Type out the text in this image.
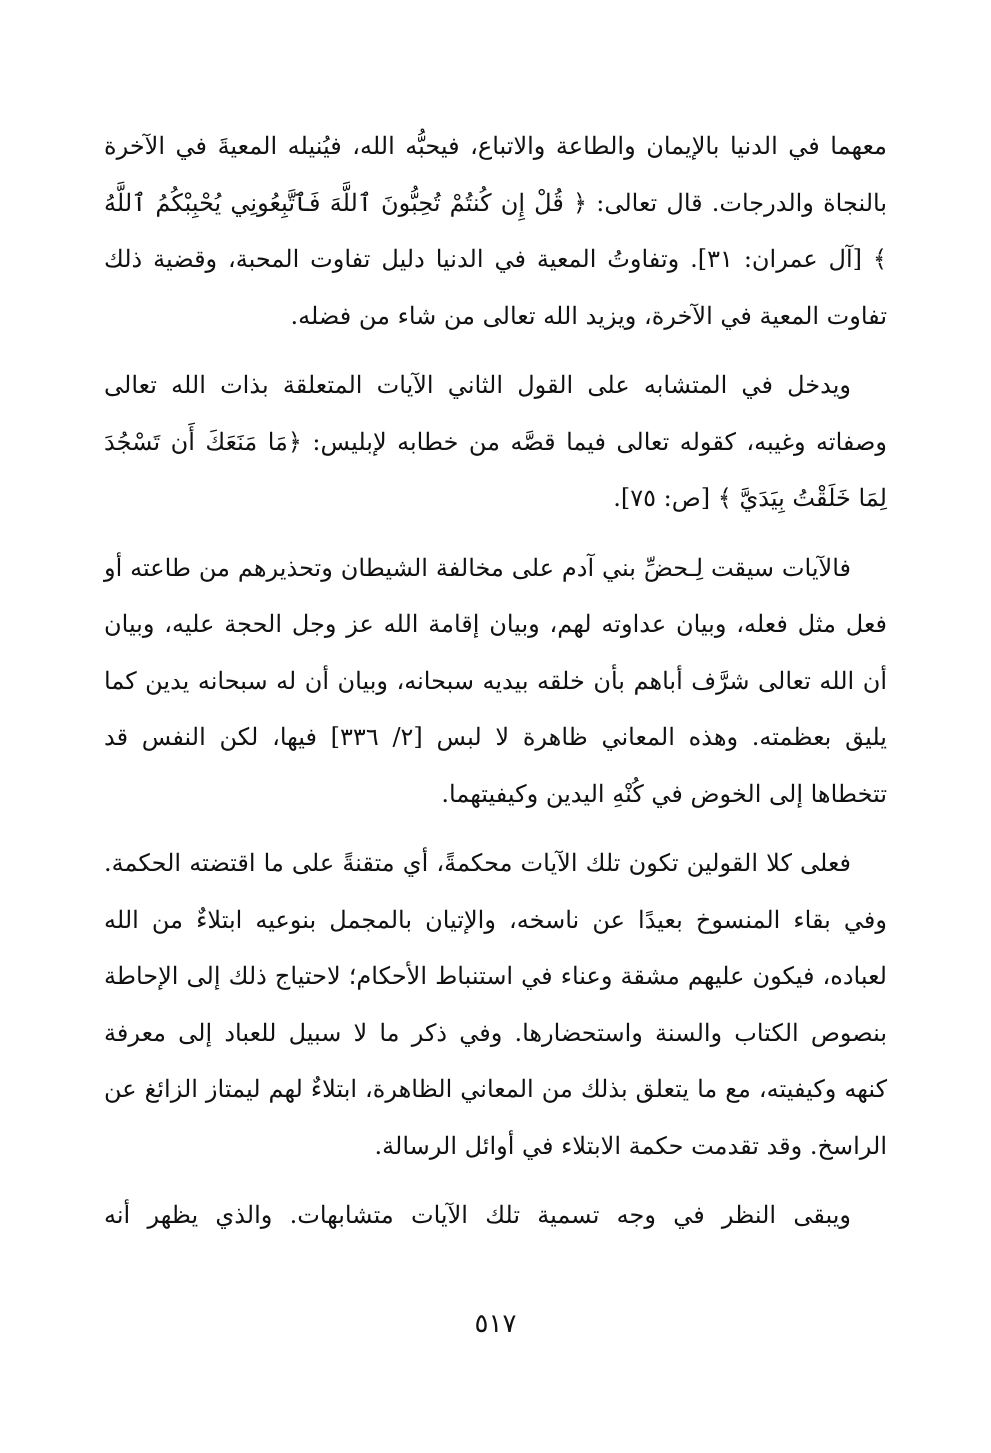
معهما في الدنيا بالإيمان والطاعة والاتباع، فيحبُّه الله، فيُنيله المعيةَ في الآخرة بالنجاة والدرجات. قال تعالى: ﴿ قُلْ إِن كُنتُمْ تُحِبُّونَ ٱللَّهَ فَٱتَّبِعُونِي يُحْبِبْكُمُ ٱللَّهُ ﴾ [آل عمران: ٣١]. وتفاوتُ المعية في الدنيا دليل تفاوت المحبة، وقضية ذلك تفاوت المعية في الآخرة، ويزيد الله تعالى من شاء من فضله.

ويدخل في المتشابه على القول الثاني الآيات المتعلقة بذات الله تعالى وصفاته وغيبه، كقوله تعالى فيما قصَّه من خطابه لإبليس: ﴿مَا مَنَعَكَ أَن تَسْجُدَ لِمَا خَلَقْتُ بِيَدَيَّ ﴾ [ص: ٧٥].

فالآيات سيقت لِـحضِّ بني آدم على مخالفة الشيطان وتحذيرهم من طاعته أو فعل مثل فعله، وبيان عداوته لهم، وبيان إقامة الله عز وجل الحجة عليه، وبيان أن الله تعالى شرَّف أباهم بأن خلقه بيديه سبحانه، وبيان أن له سبحانه يدين كما يليق بعظمته. وهذه المعاني ظاهرة لا لبس [٢/ ٣٣٦] فيها، لكن النفس قد تتخطاها إلى الخوض في كُنْهِ اليدين وكيفيتهما.

فعلى كلا القولين تكون تلك الآيات محكمةً، أي متقنةً على ما اقتضته الحكمة. وفي بقاء المنسوخ بعيدًا عن ناسخه، والإتيان بالمجمل بنوعيه ابتلاءٌ من الله لعباده، فيكون عليهم مشقة وعناء في استنباط الأحكام؛ لاحتياج ذلك إلى الإحاطة بنصوص الكتاب والسنة واستحضارها. وفي ذكر ما لا سبيل للعباد إلى معرفة كنهه وكيفيته، مع ما يتعلق بذلك من المعاني الظاهرة، ابتلاءٌ لهم ليمتاز الزائغ عن الراسخ. وقد تقدمت حكمة الابتلاء في أوائل الرسالة.

ويبقى النظر في وجه تسمية تلك الآيات متشابهات. والذي يظهر أنه

٥١٧
